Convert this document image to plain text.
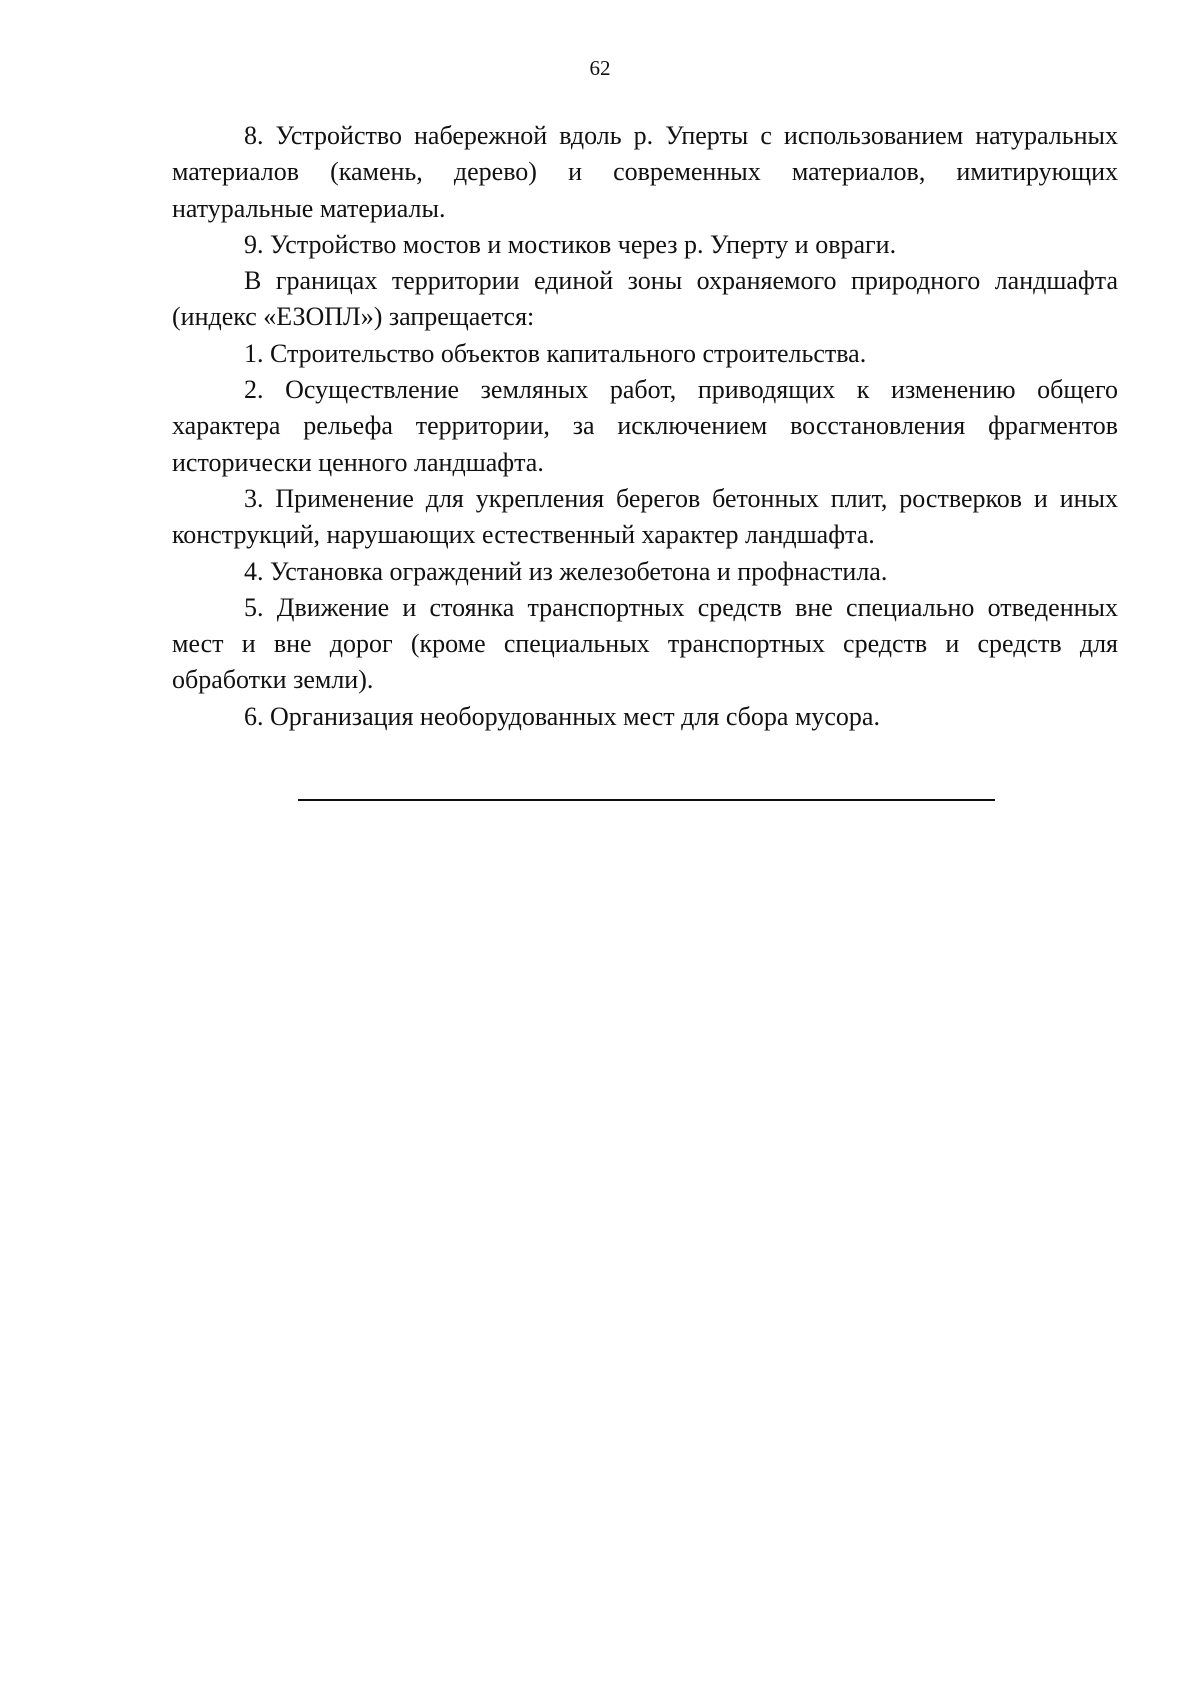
62

8. Устройство набережной вдоль р. Уперты с использованием натуральных материалов (камень, дерево) и современных материалов, имитирующих натуральные материалы.

9. Устройство мостов и мостиков через р. Уперту и овраги.

В границах территории единой зоны охраняемого природного ландшафта (индекс «ЕЗОПЛ») запрещается:

1. Строительство объектов капитального строительства.

2. Осуществление земляных работ, приводящих к изменению общего характера рельефа территории, за исключением восстановления фрагментов исторически ценного ландшафта.

3. Применение для укрепления берегов бетонных плит, ростверков и иных конструкций, нарушающих естественный характер ландшафта.

4. Установка ограждений из железобетона и профнастила.

5. Движение и стоянка транспортных средств вне специально отведенных мест и вне дорог (кроме специальных транспортных средств и средств для обработки земли).

6. Организация необорудованных мест для сбора мусора.
